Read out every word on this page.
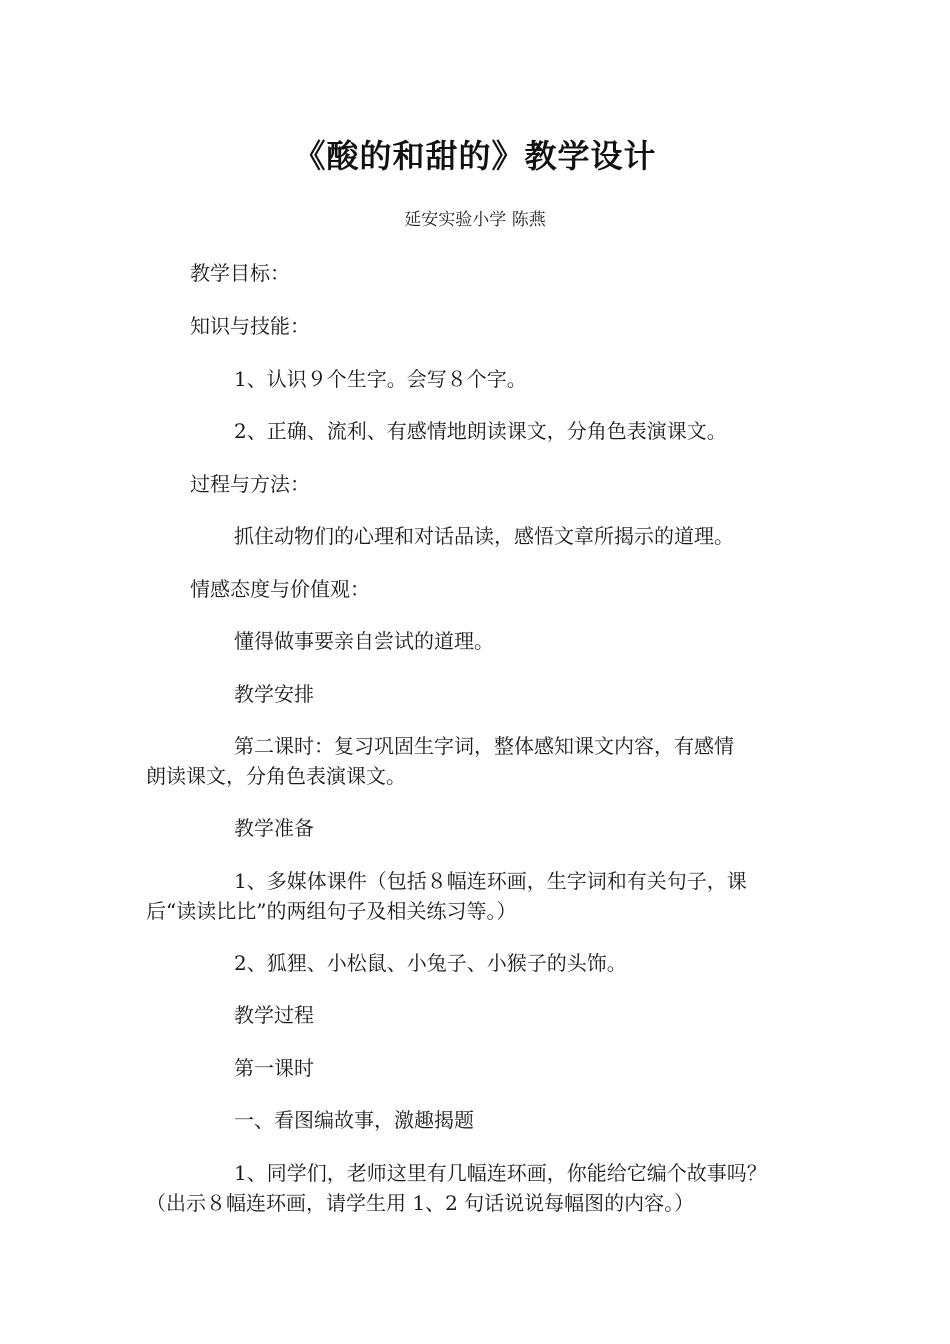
《酸的和甜的》教学设计
延安实验小学 陈燕
教学目标：
知识与技能：
1、认识９个生字。会写８个字。
2、正确、流利、有感情地朗读课文，分角色表演课文。
过程与方法：
抓住动物们的心理和对话品读，感悟文章所揭示的道理。
情感态度与价值观：
懂得做事要亲自尝试的道理。
教学安排
第二课时：复习巩固生字词，整体感知课文内容，有感情
朗读课文，分角色表演课文。
教学准备
1、多媒体课件（包括８幅连环画，生字词和有关句子，课
后“读读比比”的两组句子及相关练习等。）
2、狐狸、小松鼠、小兔子、小猴子的头饰。
教学过程
第一课时
一、看图编故事，激趣揭题
1、同学们，老师这里有几幅连环画，你能给它编个故事吗？
（出示８幅连环画，请学生用 1、2 句话说说每幅图的内容。）
